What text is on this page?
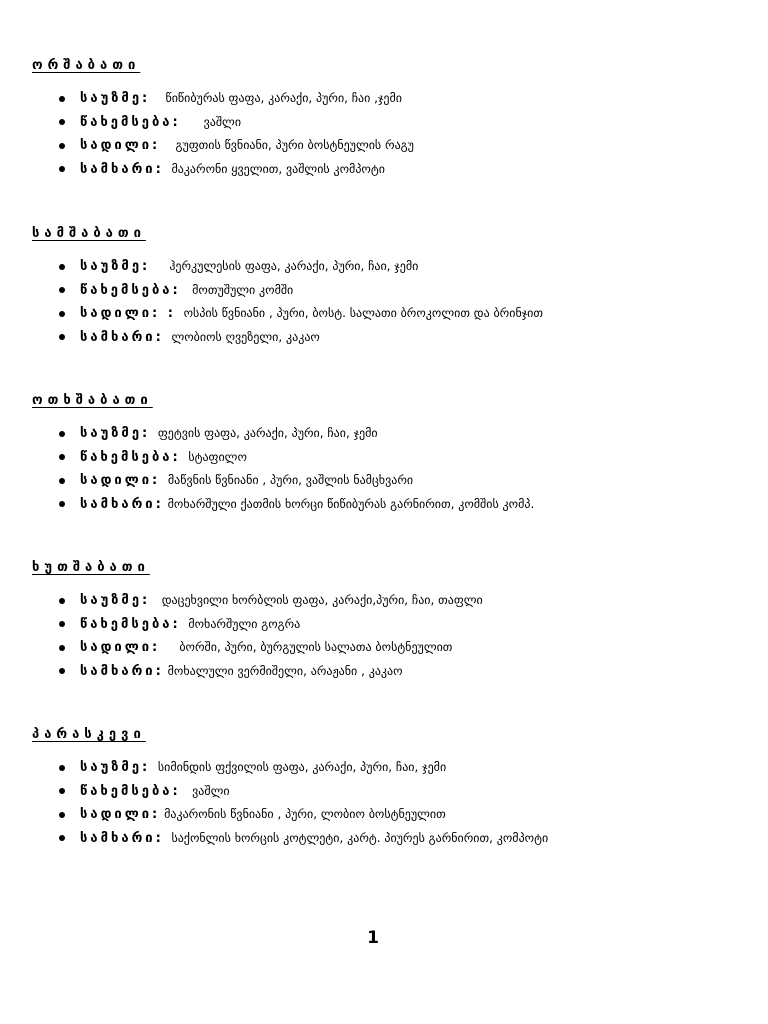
ორშაბათი
საუზმე: წიწიბურას ფაფა, კარაქი, პური, ჩაი ,ჯემი
წახემსება: ვაშლი
სადილი: გუფთის წვნიანი, პური ბოსტნეულის რაგუ
სამხარი: მაკარონი ყველით, ვაშლის კომპოტი
სამშაბათი
საუზმე: ჰერკულესის ფაფა, კარაქი, პური, ჩაი, ჯემი
წახემსება: მოთუშული კომში
სადილი: : ოსპის წვნიანი , პური, ბოსტ. სალათი ბროკოლით და ბრინჯით
სამხარი: ლობიოს ღვეზელი, კაკაო
ოთხშაბათი
საუზმე: ფეტვის ფაფა, კარაქი, პური, ჩაი, ჯემი
წახემსება: სტაფილო
სადილი: მაწვნის წვნიანი , პური, ვაშლის ნამცხვარი
სამხარი: მოხარშული ქათმის ხორცი წიწიბურას გარნირით, კომშის კომპ.
ხუთშაბათი
საუზმე: დაცეხვილი ხორბლის ფაფა, კარაქი,პური, ჩაი, თაფლი
წახემსება: მოხარშული გოგრა
სადილი: ბორში, პური, ბურგულის სალათა ბოსტნეულით
სამხარი: მოხალული ვერმიშელი, არაჟანი , კაკაო
პარასკევი
საუზმე: სიმინდის ფქვილის ფაფა, კარაქი, პური, ჩაი, ჯემი
წახემსება: ვაშლი
სადილი: მაკარონის წვნიანი , პური, ლობიო ბოსტნეულით
სამხარი: საქონლის ხორცის კოტლეტი, კარტ. პიურეს გარნირით, კომპოტი
1
